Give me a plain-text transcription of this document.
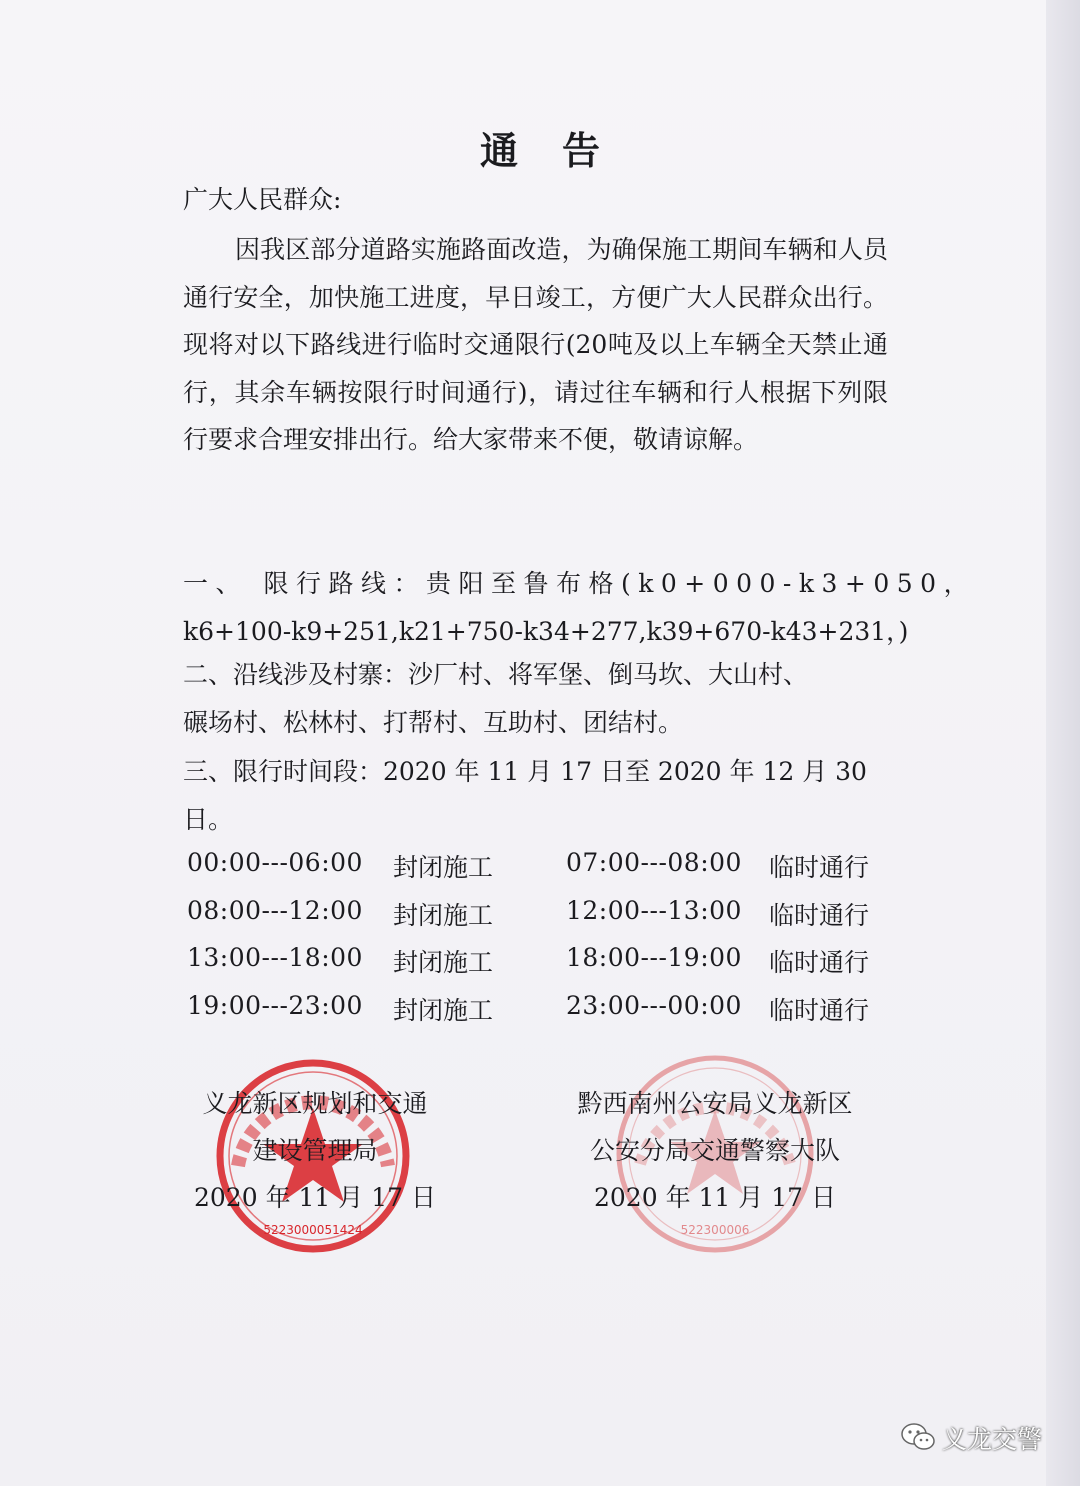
通告
广大人民群众:
因我区部分道路实施路面改造，为确保施工期间车辆和人员通行安全，加快施工进度，早日竣工，方便广大人民群众出行。现将对以下路线进行临时交通限行(20吨及以上车辆全天禁止通行，其余车辆按限行时间通行)，请过往车辆和行人根据下列限行要求合理安排出行。给大家带来不便，敬请谅解。
一、 限行路线：贵阳至鲁布格(k0+000-k3+050，
k6+100-k9+251,k21+750-k34+277,k39+670-k43+231，)
二、沿线涉及村寨：沙厂村、将军堡、倒马坎、大山村、
碾场村、松林村、打帮村、互助村、团结村。
三、限行时间段：2020 年 11 月 17 日至 2020 年 12 月 30
日。
00:00---06:00 封闭施工	07:00---08:00 临时通行
08:00---12:00 封闭施工	12:00---13:00 临时通行
13:00---18:00 封闭施工	18:00---19:00 临时通行
19:00---23:00 封闭施工	23:00---00:00 临时通行
5223000051424	522300006
义龙新区规划和交通
建设管理局
2020 年 11 月 17 日
黔西南州公安局义龙新区
公安分局交通警察大队
2020 年 11 月 17 日
义龙交警
